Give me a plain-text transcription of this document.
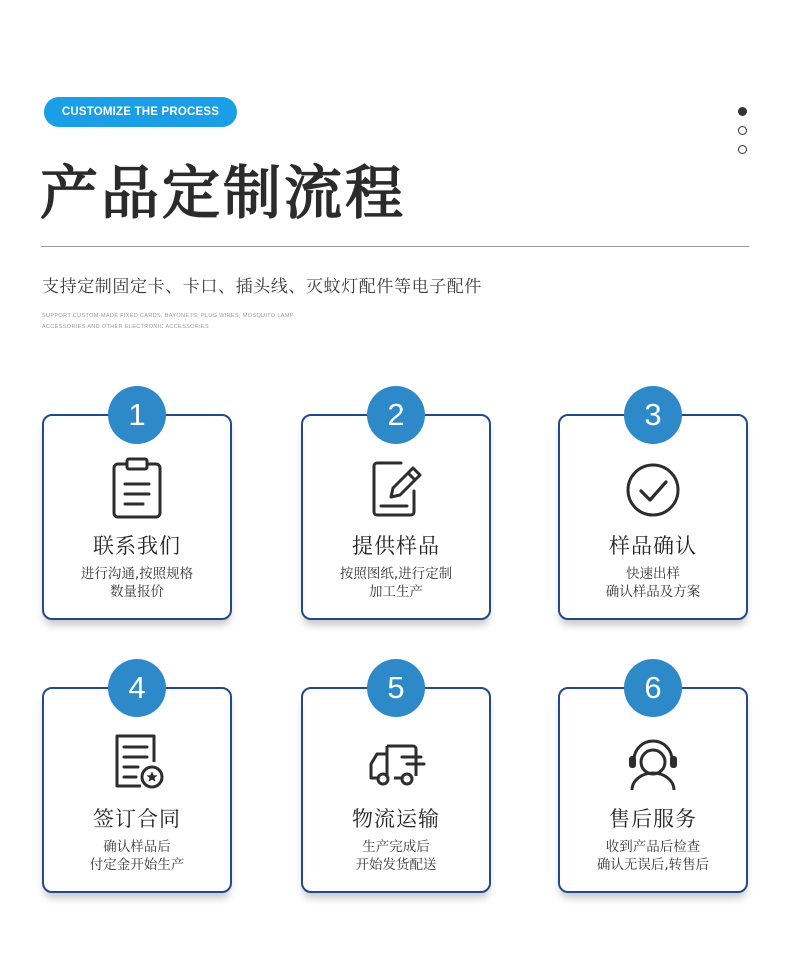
CUSTOMIZE THE PROCESS
产品定制流程
支持定制固定卡、卡口、插头线、灭蚊灯配件等电子配件
SUPPORT CUSTOM-MADE FIXED CARDS, BAYONETS, PLUG WIRES, MOSQUITO LAMP
ACCESSORIES AND OTHER ELECTRONIC ACCESSORIES
1
联系我们
进行沟通,按照规格
数量报价
2
提供样品
按照图纸,进行定制
加工生产
3
样品确认
快速出样
确认样品及方案
4
签订合同
确认样品后
付定金开始生产
5
物流运输
生产完成后
开始发货配送
6
售后服务
收到产品后检查
确认无误后,转售后
